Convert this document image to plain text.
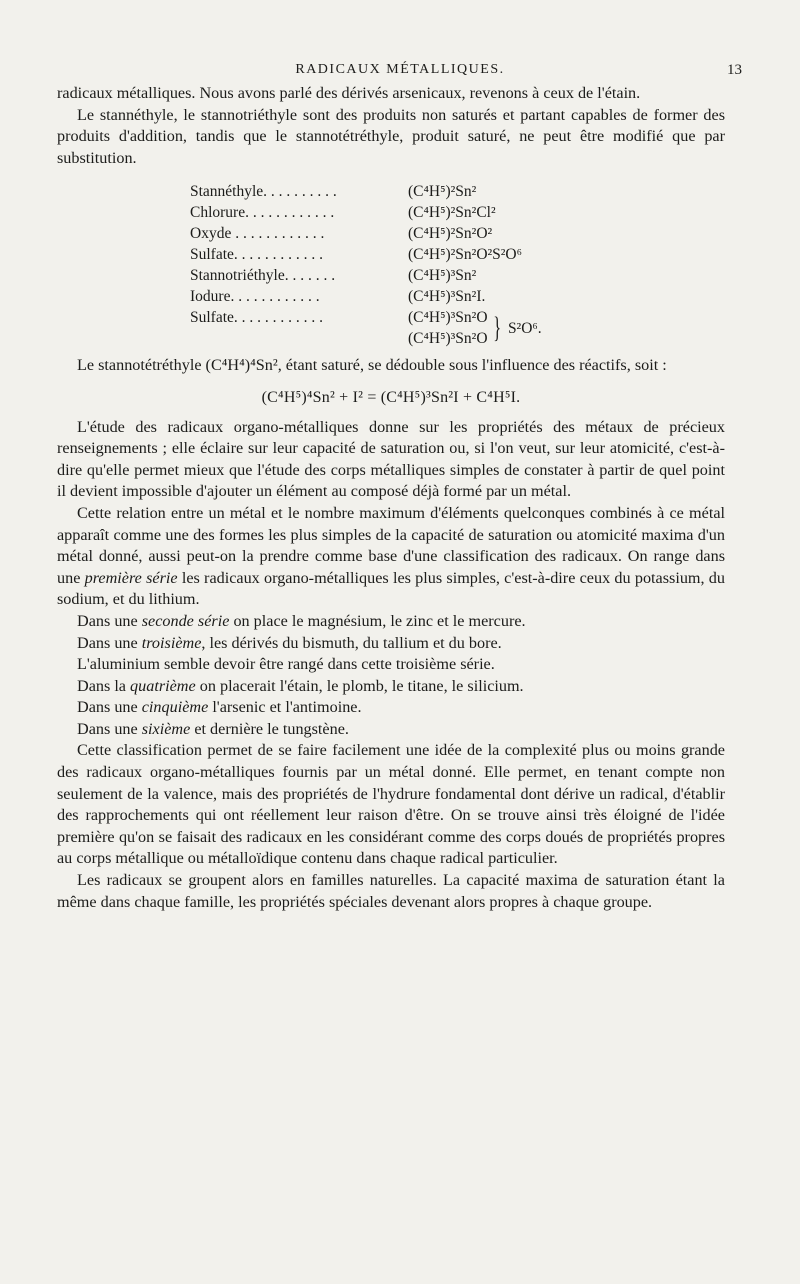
RADICAUX MÉTALLIQUES.	13

radicaux métalliques. Nous avons parlé des dérivés arsenicaux, revenons à ceux de l'étain.

Le stannéthyle, le stannotriéthyle sont des produits non saturés et partant capables de former des produits d'addition, tandis que le stannotétréthyle, produit saturé, ne peut être modifié que par substitution.

Stannéthyle. . . . . . . . . .	(C⁴H⁵)²Sn²
Chlorure. . . . . . . . . . . .	(C⁴H⁵)²Sn²Cl²
Oxyde . . . . . . . . . . . .	(C⁴H⁵)²Sn²O²
Sulfate. . . . . . . . . . . .	(C⁴H⁵)²Sn²O²S²O⁶
Stannotriéthyle. . . . . . .	(C⁴H⁵)³Sn²
Iodure. . . . . . . . . . . .	(C⁴H⁵)³Sn²I.
Sulfate. . . . . . . . . . . .	(C⁴H⁵)³Sn²O
(C⁴H⁵)³Sn²O } S²O⁶.

Le stannotétréthyle (C⁴H⁴)⁴Sn², étant saturé, se dédouble sous l'influence des réactifs, soit :

(C⁴H⁵)⁴Sn² + I² = (C⁴H⁵)³Sn²I + C⁴H⁵I.

L'étude des radicaux organo-métalliques donne sur les propriétés des métaux de précieux renseignements ; elle éclaire sur leur capacité de saturation ou, si l'on veut, sur leur atomicité, c'est-à-dire qu'elle permet mieux que l'étude des corps métalliques simples de constater à partir de quel point il devient impossible d'ajouter un élément au composé déjà formé par un métal.

Cette relation entre un métal et le nombre maximum d'éléments quelconques combinés à ce métal apparaît comme une des formes les plus simples de la capacité de saturation ou atomicité maxima d'un métal donné, aussi peut-on la prendre comme base d'une classification des radicaux. On range dans une première série les radicaux organo-métalliques les plus simples, c'est-à-dire ceux du potassium, du sodium, et du lithium.

Dans une seconde série on place le magnésium, le zinc et le mercure.

Dans une troisième, les dérivés du bismuth, du tallium et du bore.

L'aluminium semble devoir être rangé dans cette troisième série.

Dans la quatrième on placerait l'étain, le plomb, le titane, le silicium.

Dans une cinquième l'arsenic et l'antimoine.

Dans une sixième et dernière le tungstène.

Cette classification permet de se faire facilement une idée de la complexité plus ou moins grande des radicaux organo-métalliques fournis par un métal donné. Elle permet, en tenant compte non seulement de la valence, mais des propriétés de l'hydrure fondamental dont dérive un radical, d'établir des rapprochements qui ont réellement leur raison d'être. On se trouve ainsi très éloigné de l'idée première qu'on se faisait des radicaux en les considérant comme des corps doués de propriétés propres au corps métallique ou métalloïdique contenu dans chaque radical particulier.

Les radicaux se groupent alors en familles naturelles. La capacité maxima de saturation étant la même dans chaque famille, les propriétés spéciales devenant alors propres à chaque groupe.
